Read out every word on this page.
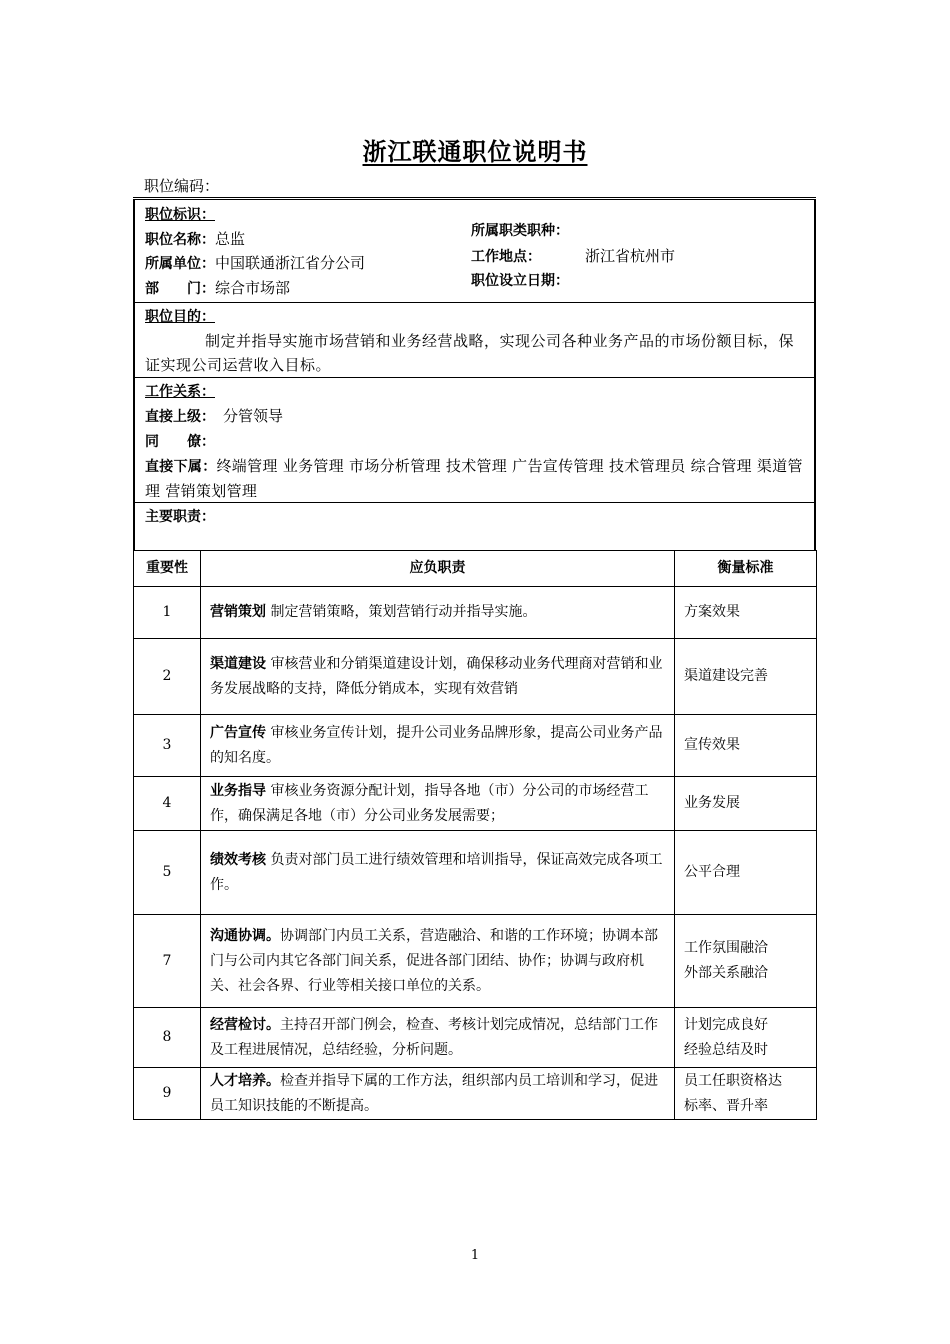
浙江联通职位说明书
职位编码：
职位标识：
职位名称：总监
所属单位：中国联通浙江省分公司
部　　门：综合市场部
所属职类职种：
工作地点：	浙江省杭州市
职位设立日期：
职位目的：
制定并指导实施市场营销和业务经营战略，实现公司各种业务产品的市场份额目标，保证实现公司运营收入目标。
工作关系：
直接上级： 分管领导
同　　僚：
直接下属：终端管理 业务管理 市场分析管理 技术管理 广告宣传管理 技术管理员 综合管理 渠道管理 营销策划管理
主要职责：
重要性	应负职责	衡量标准
1	营销策划 制定营销策略，策划营销行动并指导实施。	方案效果

2	渠道建设 审核营业和分销渠道建设计划，确保移动业务代理商对营销和业务发展战略的支持，降低分销成本，实现有效营销	渠道建设完善

3	广告宣传 审核业务宣传计划，提升公司业务品牌形象，提高公司业务产品的知名度。	宣传效果

4	业务指导 审核业务资源分配计划，指导各地（市）分公司的市场经营工作，确保满足各地（市）分公司业务发展需要；	业务发展

5	绩效考核 负责对部门员工进行绩效管理和培训指导，保证高效完成各项工作。	公平合理

7	沟通协调。协调部门内员工关系，营造融洽、和谐的工作环境；协调本部门与公司内其它各部门间关系，促进各部门团结、协作；协调与政府机关、社会各界、行业等相关接口单位的关系。	工作氛围融洽
外部关系融洽

8	经营检讨。主持召开部门例会，检查、考核计划完成情况，总结部门工作及工程进展情况，总结经验，分析问题。	计划完成良好
经验总结及时

9	人才培养。检查并指导下属的工作方法，组织部内员工培训和学习，促进员工知识技能的不断提高。	员工任职资格达
标率、晋升率
1
